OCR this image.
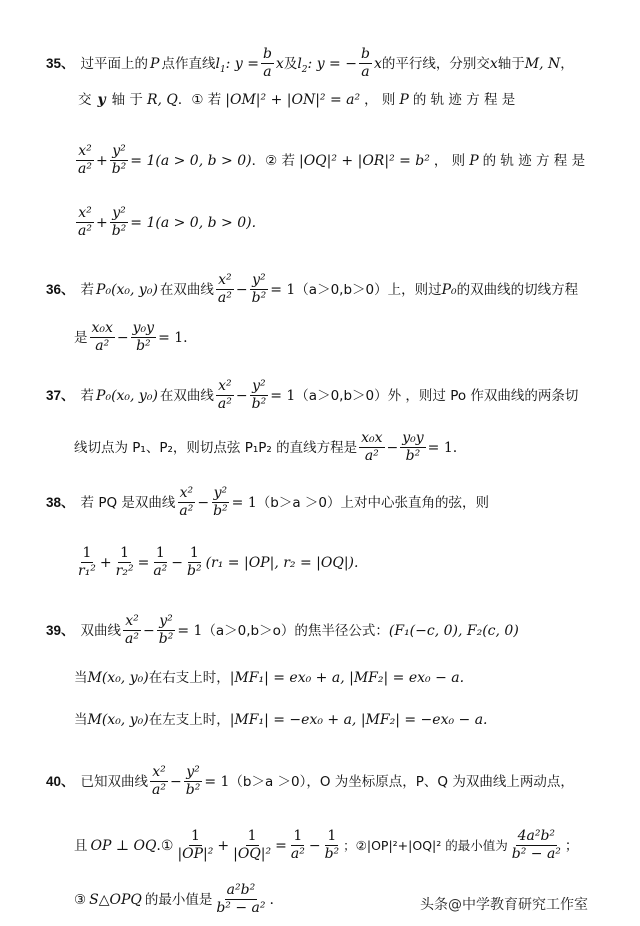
35、 过平面上的 P 点作直线 $l_1$ : $y = \frac{b}{a}$ x 及 $l_2$ : y = − $\frac{b}{a}$ x 的平行线，分别交 x 轴于 M, N ，
交 y 轴 于 R, Q ．① 若 |OM|² + |ON|² = a² ， 则 P 的 轨 迹 方 程 是
$\frac{\text{x²}}{\text{a²}} + \frac{\text{y²}}{\text{b²}} = 1(a > 0$, b > 0) ．② 若 |OQ|² + |OR|² = b² ， 则 P 的 轨 迹 方 程 是
$\frac{\text{x²}}{\text{a²}} + \frac{\text{y²}}{\text{b²}} = 1(a > 0$, b > 0).
36、 若 P₀(x₀, y₀) 在双曲线 $\frac{\text{x²}}{\text{a²}} - \frac{\text{y²}}{\text{b²}} = 1$ （a＞0,b＞0）上，则过 P₀ 的双曲线的切线方程
是 $\frac{\text{x₀x}}{\text{a²}} - \frac{\text{y₀y}}{\text{b²}} = 1$.
37、 若 P₀(x₀, y₀) 在双曲线 $\frac{\text{x²}}{\text{a²}} - \frac{\text{y²}}{\text{b²}} = 1$ （a＞0,b＞0）外 ，则过 Po 作双曲线的两条切
线切点为 P₁、P₂，则切点弦 P₁P₂ 的直线方程是 $\frac{\text{x₀x}}{\text{a²}} - \frac{\text{y₀y}}{\text{b²}} = 1$.
38、 若 PQ 是双曲线 $\frac{\text{x²}}{\text{a²}} - \frac{\text{y²}}{\text{b²}} = 1$ （b＞a ＞0）上对中心张直角的弦，则
$\frac{1}{\text{r₁²}} + \frac{1}{\text{r₂²}} = \frac{1}{\text{a²}} - \frac{1}{\text{b²}} (r_1 = |OP|$, r₂ = |OQ|).
39、 双曲线 $\frac{\text{x²}}{\text{a²}} - \frac{\text{y²}}{\text{b²}} = 1$ （a＞0,b＞o）的焦半径公式： (F₁(−c, 0), F₂(c, 0)
当 M(x₀, y₀) 在右支上时， |MF₁| = ex₀ + a, |MF₂| = ex₀ − a.
当 M(x₀, y₀) 在左支上时， |MF₁| = −ex₀ + a, |MF₂| = −ex₀ − a.
40、 已知双曲线 $\frac{\text{x²}}{\text{a²}} - \frac{\text{y²}}{\text{b²}} = 1$ （b＞a ＞0），O 为坐标原点，P、Q 为双曲线上两动点，
且 OP ⊥ OQ .① $\frac{1}{\text{|OP|²}} + \frac{1}{\text{|OQ|²}} = \frac{1}{\text{a²}} - \frac{1}{\text{b²}}$ ；②|OP|²+|OQ|² 的最小值为 $\frac{\text{4a²b²}}{\text{b² − a²}}$ ；
③ S△OPQ 的最小值是 $\frac{\text{a²b²}}{\text{b² − a²}}$ .	头条@中学教育研究工作室
